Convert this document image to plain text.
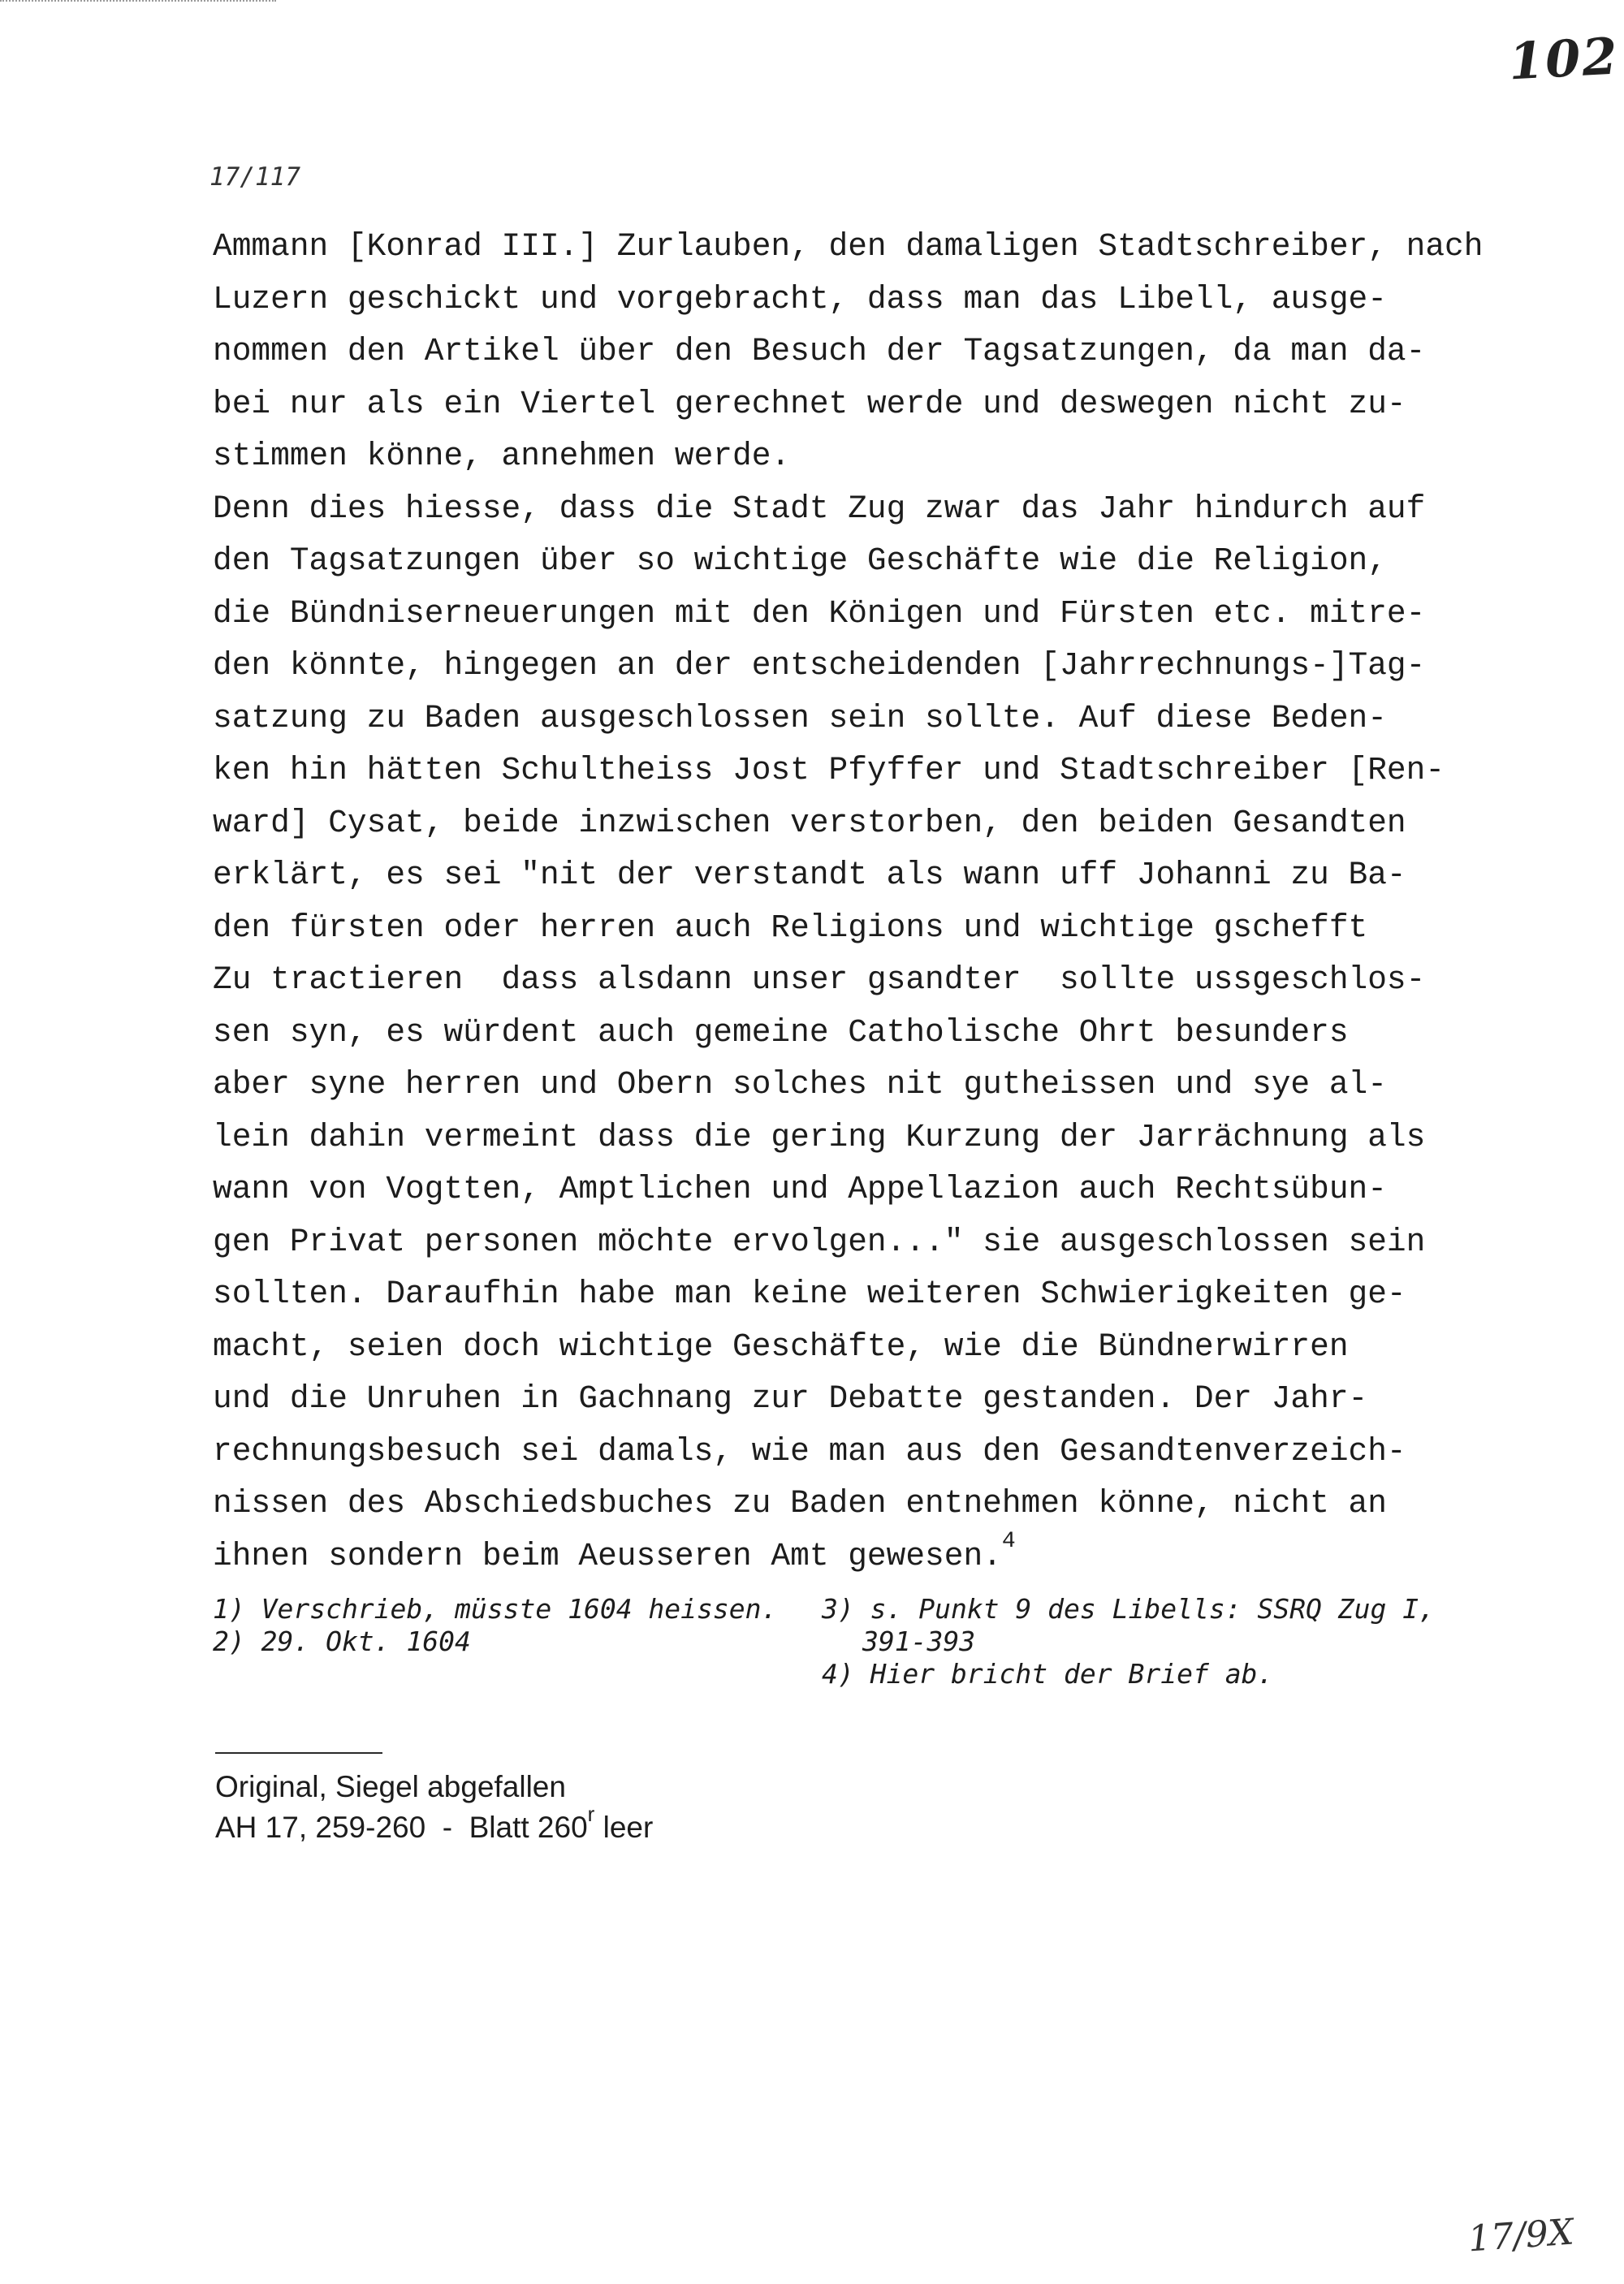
102
17/117
Ammann [Konrad III.] Zurlauben, den damaligen Stadtschreiber, nach
Luzern geschickt und vorgebracht, dass man das Libell, ausge-
nommen den Artikel über den Besuch der Tagsatzungen, da man da-
bei nur als ein Viertel gerechnet werde und deswegen nicht zu-
stimmen könne, annehmen werde.
Denn dies hiesse, dass die Stadt Zug zwar das Jahr hindurch auf
den Tagsatzungen über so wichtige Geschäfte wie die Religion,
die Bündniserneuerungen mit den Königen und Fürsten etc. mitre-
den könnte, hingegen an der entscheidenden [Jahrrechnungs-]Tag-
satzung zu Baden ausgeschlossen sein sollte. Auf diese Beden-
ken hin hätten Schultheiss Jost Pfyffer und Stadtschreiber [Ren-
ward] Cysat, beide inzwischen verstorben, den beiden Gesandten
erklärt, es sei "nit der verstandt als wann uff Johanni zu Ba-
den fürsten oder herren auch Religions und wichtige gschefft
Zu tractieren  dass alsdann unser gsandter  sollte ussgeschlos-
sen syn, es würdent auch gemeine Catholische Ohrt besunders
aber syne herren und Obern solches nit gutheissen und sye al-
lein dahin vermeint dass die gering Kurzung der Jarrächnung als
wann von Vogtten, Amptlichen und Appellazion auch Rechtsübun-
gen Privat personen möchte ervolgen..." sie ausgeschlossen sein
sollten. Daraufhin habe man keine weiteren Schwierigkeiten ge-
macht, seien doch wichtige Geschäfte, wie die Bündnerwirren
und die Unruhen in Gachnang zur Debatte gestanden. Der Jahr-
rechnungsbesuch sei damals, wie man aus den Gesandtenverzeich-
nissen des Abschiedsbuches zu Baden entnehmen könne, nicht an
ihnen sondern beim Aeusseren Amt gewesen.$^4$
1) Verschrieb, müsste 1604 heissen.
2) 29. Okt. 1604
3) s. Punkt 9 des Libells: SSRQ Zug I,
391-393
4) Hier bricht der Brief ab.
Original, Siegel abgefallen
AH 17, 259-260  -  Blatt 260$^r$ leer
17/9X
